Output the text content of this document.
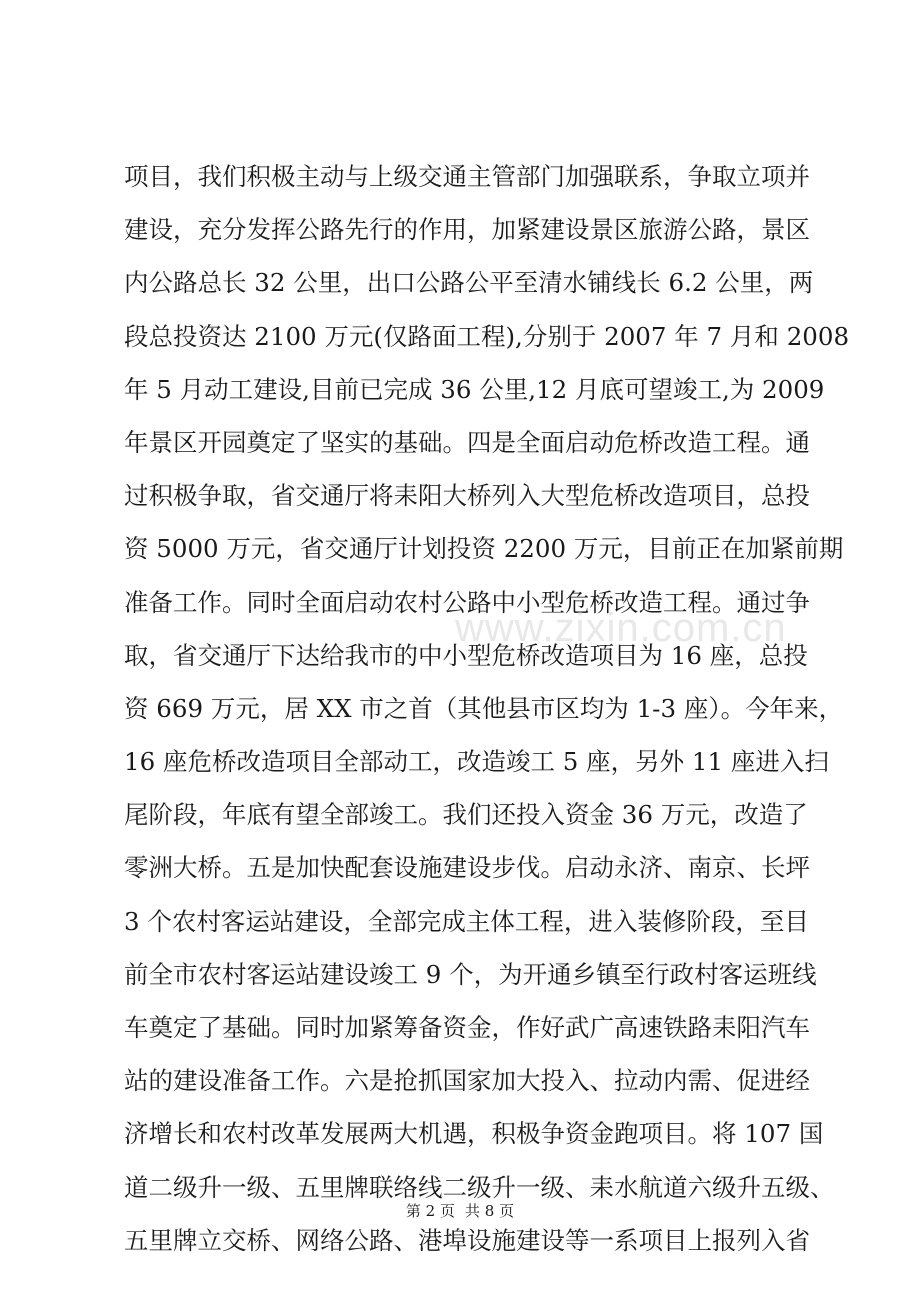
项目，我们积极主动与上级交通主管部门加强联系，争取立项并
建设，充分发挥公路先行的作用，加紧建设景区旅游公路，景区
内公路总长 32 公里，出口公路公平至清水铺线长 6.2 公里，两
段总投资达 2100 万元(仅路面工程),分别于 2007 年 7 月和 2008
年 5 月动工建设,目前已完成 36 公里,12 月底可望竣工,为 2009
年景区开园奠定了坚实的基础。四是全面启动危桥改造工程。通
过积极争取，省交通厅将耒阳大桥列入大型危桥改造项目，总投
资 5000 万元，省交通厅计划投资 2200 万元，目前正在加紧前期
准备工作。同时全面启动农村公路中小型危桥改造工程。通过争
取，省交通厅下达给我市的中小型危桥改造项目为 16 座，总投
资 669 万元，居 XX 市之首（其他县市区均为 1-3 座）。今年来，
16 座危桥改造项目全部动工，改造竣工 5 座，另外 11 座进入扫
尾阶段，年底有望全部竣工。我们还投入资金 36 万元，改造了
零洲大桥。五是加快配套设施建设步伐。启动永济、南京、长坪
3 个农村客运站建设，全部完成主体工程，进入装修阶段，至目
前全市农村客运站建设竣工 9 个，为开通乡镇至行政村客运班线
车奠定了基础。同时加紧筹备资金，作好武广高速铁路耒阳汽车
站的建设准备工作。六是抢抓国家加大投入、拉动内需、促进经
济增长和农村改革发展两大机遇，积极争资金跑项目。将 107 国
道二级升一级、五里牌联络线二级升一级、耒水航道六级升五级、
五里牌立交桥、网络公路、港埠设施建设等一系项目上报列入省
www.zixin.com.cn
第 2 页 共 8 页
